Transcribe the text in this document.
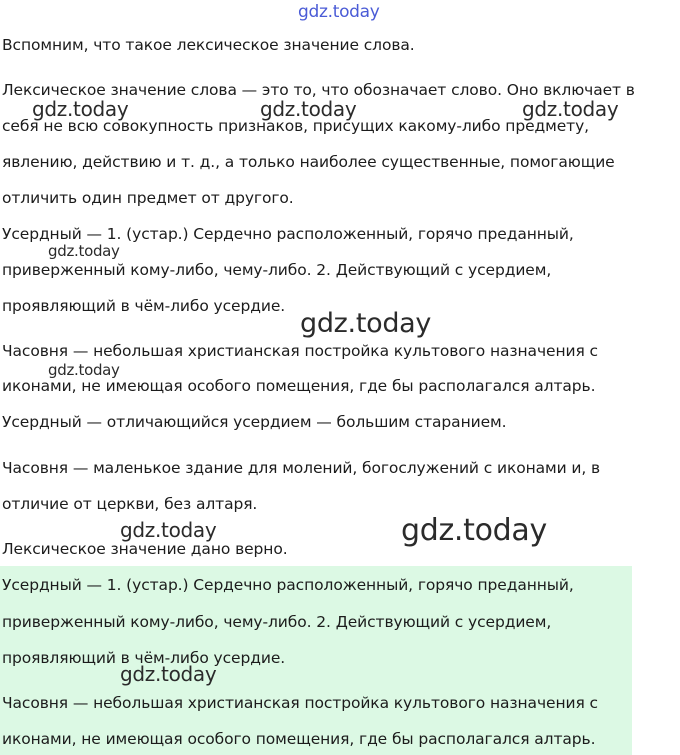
gdz.today
gdz.today	gdz.today	gdz.today
gdz.today
gdz.today
gdz.today
gdz.today	gdz.today
gdz.today
Вспомним, что такое лексическое значение слова.
Лексическое значение слова — это то, что обозначает слово. Оно включает в
себя не всю совокупность признаков, присущих какому-либо предмету,
явлению, действию и т. д., а только наиболее существенные, помогающие
отличить один предмет от другого.
Усердный — 1. (устар.) Сердечно расположенный, горячо преданный,
приверженный кому-либо, чему-либо. 2. Действующий с усердием,
проявляющий в чём-либо усердие.
Часовня — небольшая христианская постройка культового назначения с
иконами, не имеющая особого помещения, где бы располагался алтарь.
Усердный — отличающийся усердием — большим старанием.
Часовня — маленькое здание для молений, богослужений с иконами и, в
отличие от церкви, без алтаря.
Лексическое значение дано верно.
Усердный — 1. (устар.) Сердечно расположенный, горячо преданный,
приверженный кому-либо, чему-либо. 2. Действующий с усердием,
проявляющий в чём-либо усердие.
Часовня — небольшая христианская постройка культового назначения с
иконами, не имеющая особого помещения, где бы располагался алтарь.
